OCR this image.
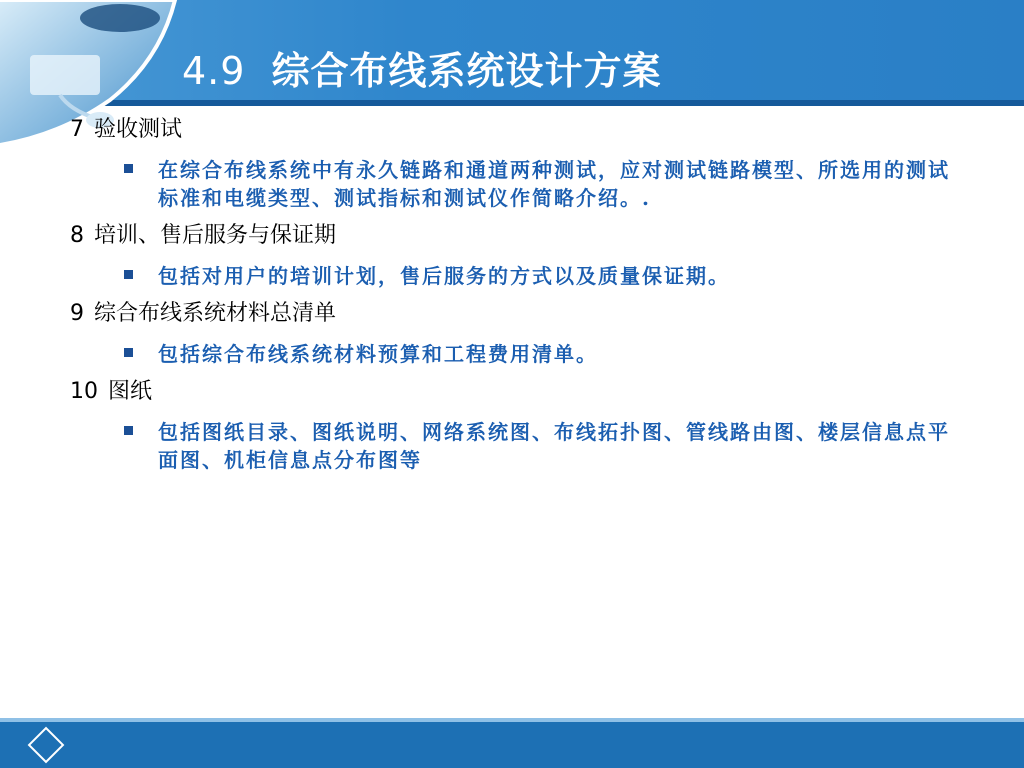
4.9 综合布线系统设计方案

7 验收测试

在综合布线系统中有永久链路和通道两种测试，应对测试链路模型、所选用的测试标准和电缆类型、测试指标和测试仪作简略介绍。.

8 培训、售后服务与保证期

包括对用户的培训计划，售后服务的方式以及质量保证期。

9 综合布线系统材料总清单

包括综合布线系统材料预算和工程费用清单。

10 图纸

包括图纸目录、图纸说明、网络系统图、布线拓扑图、管线路由图、楼层信息点平面图、机柜信息点分布图等
